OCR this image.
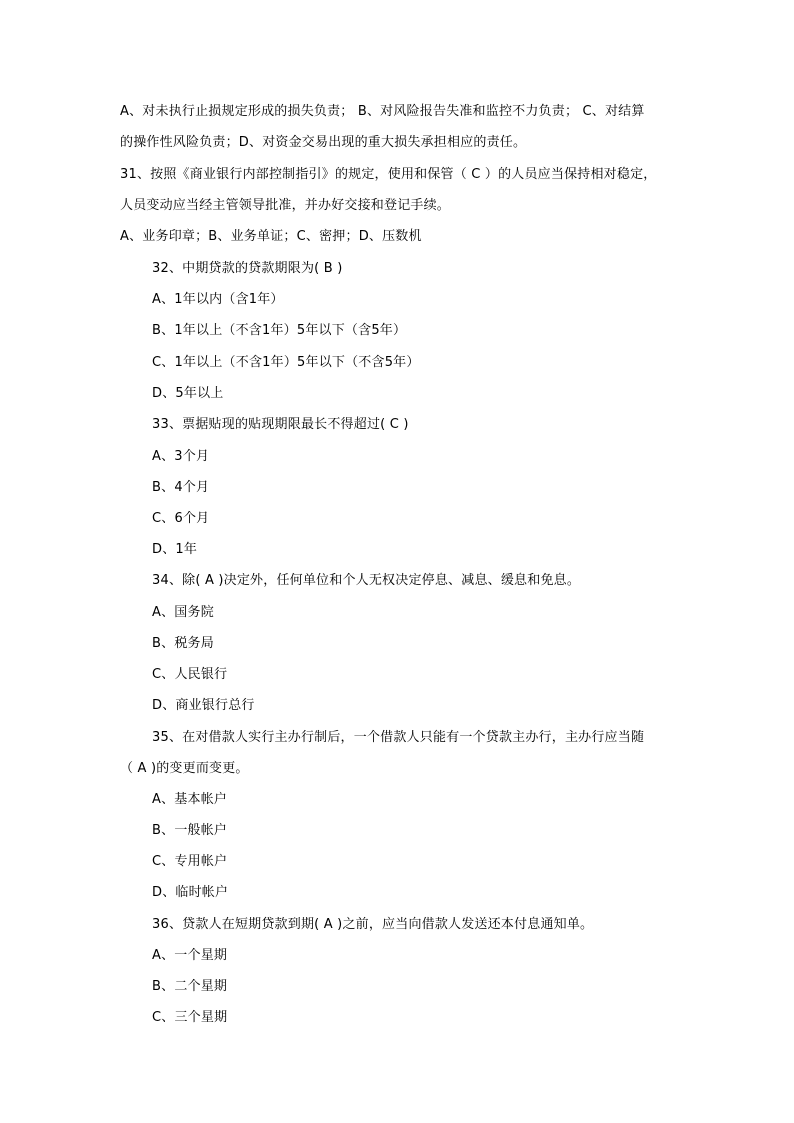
A、对未执行止损规定形成的损失负责； B、对风险报告失准和监控不力负责； C、对结算
的操作性风险负责；D、对资金交易出现的重大损失承担相应的责任。
31、按照《商业银行内部控制指引》的规定，使用和保管（ C ）的人员应当保持相对稳定，
人员变动应当经主管领导批准，并办好交接和登记手续。
A、业务印章；B、业务单证；C、密押；D、压数机
32、中期贷款的贷款期限为( B )
A、1年以内（含1年）
B、1年以上（不含1年）5年以下（含5年）
C、1年以上（不含1年）5年以下（不含5年）
D、5年以上
33、票据贴现的贴现期限最长不得超过( C )
A、3个月
B、4个月
C、6个月
D、1年
34、除( A )决定外，任何单位和个人无权决定停息、减息、缓息和免息。
A、国务院
B、税务局
C、人民银行
D、商业银行总行
35、在对借款人实行主办行制后，一个借款人只能有一个贷款主办行，主办行应当随
（ A )的变更而变更。
A、基本帐户
B、一般帐户
C、专用帐户
D、临时帐户
36、贷款人在短期贷款到期( A )之前，应当向借款人发送还本付息通知单。
A、一个星期
B、二个星期
C、三个星期
